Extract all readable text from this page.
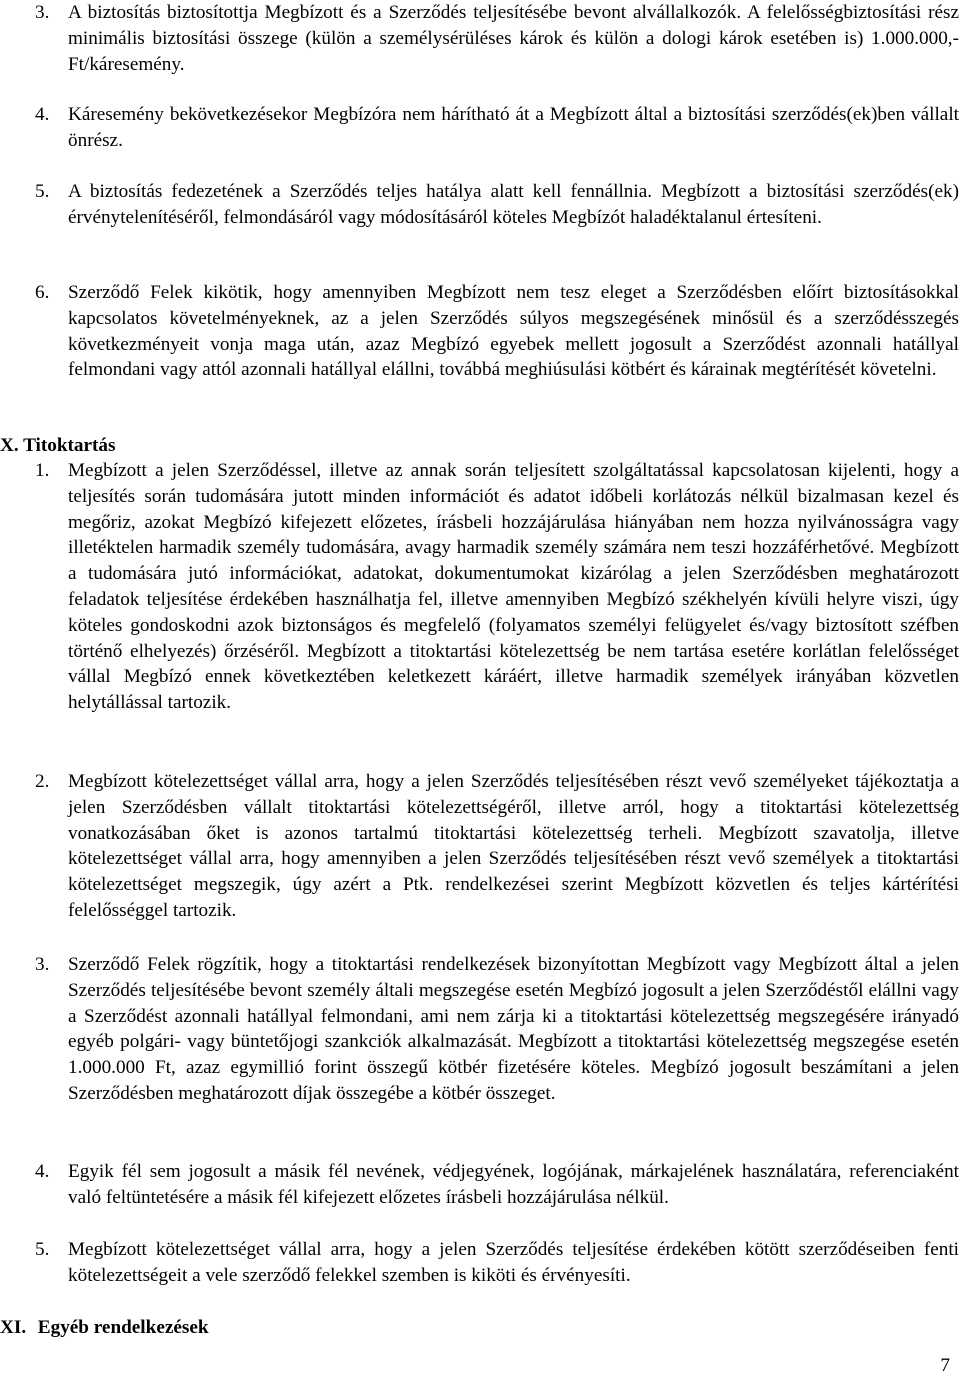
3. A biztosítás biztosítottja Megbízott és a Szerződés teljesítésébe bevont alvállalkozók. A felelősségbiztosítási rész minimális biztosítási összege (külön a személysérüléses károk és külön a dologi károk esetében is) 1.000.000,- Ft/káresemény.
4. Káresemény bekövetkezésekor Megbízóra nem hárítható át a Megbízott által a biztosítási szerződés(ek)ben vállalt önrész.
5. A biztosítás fedezetének a Szerződés teljes hatálya alatt kell fennállnia. Megbízott a biztosítási szerződés(ek) érvénytelenítéséről, felmondásáról vagy módosításáról köteles Megbízót haladéktalanul értesíteni.
6. Szerződő Felek kikötik, hogy amennyiben Megbízott nem tesz eleget a Szerződésben előírt biztosításokkal kapcsolatos követelményeknek, az a jelen Szerződés súlyos megszegésének minősül és a szerződésszegés következményeit vonja maga után, azaz Megbízó egyebek mellett jogosult a Szerződést azonnali hatállyal felmondani vagy attól azonnali hatállyal elállni, továbbá meghiúsulási kötbért és kárainak megtérítését követelni.
X. Titoktartás
1. Megbízott a jelen Szerződéssel, illetve az annak során teljesített szolgáltatással kapcsolatosan kijelenti, hogy a teljesítés során tudomására jutott minden információt és adatot időbeli korlátozás nélkül bizalmasan kezel és megőriz, azokat Megbízó kifejezett előzetes, írásbeli hozzájárulása hiányában nem hozza nyilvánosságra vagy illetéktelen harmadik személy tudomására, avagy harmadik személy számára nem teszi hozzáférhetővé. Megbízott a tudomására jutó információkat, adatokat, dokumentumokat kizárólag a jelen Szerződésben meghatározott feladatok teljesítése érdekében használhatja fel, illetve amennyiben Megbízó székhelyén kívüli helyre viszi, úgy köteles gondoskodni azok biztonságos és megfelelő (folyamatos személyi felügyelet és/vagy biztosított széfben történő elhelyezés) őrzéséről. Megbízott a titoktartási kötelezettség be nem tartása esetére korlátlan felelősséget vállal Megbízó ennek következtében keletkezett káráért, illetve harmadik személyek irányában közvetlen helytállással tartozik.
2. Megbízott kötelezettséget vállal arra, hogy a jelen Szerződés teljesítésében részt vevő személyeket tájékoztatja a jelen Szerződésben vállalt titoktartási kötelezettségéről, illetve arról, hogy a titoktartási kötelezettség vonatkozásában őket is azonos tartalmú titoktartási kötelezettség terheli. Megbízott szavatolja, illetve kötelezettséget vállal arra, hogy amennyiben a jelen Szerződés teljesítésében részt vevő személyek a titoktartási kötelezettséget megszegik, úgy azért a Ptk. rendelkezései szerint Megbízott közvetlen és teljes kártérítési felelősséggel tartozik.
3. Szerződő Felek rögzítik, hogy a titoktartási rendelkezések bizonyítottan Megbízott vagy Megbízott által a jelen Szerződés teljesítésébe bevont személy általi megszegése esetén Megbízó jogosult a jelen Szerződéstől elállni vagy a Szerződést azonnali hatállyal felmondani, ami nem zárja ki a titoktartási kötelezettség megszegésére irányadó egyéb polgári- vagy büntetőjogi szankciók alkalmazását. Megbízott a titoktartási kötelezettség megszegése esetén 1.000.000 Ft, azaz egymillió forint összegű kötbér fizetésére köteles. Megbízó jogosult beszámítani a jelen Szerződésben meghatározott díjak összegébe a kötbér összeget.
4. Egyik fél sem jogosult a másik fél nevének, védjegyének, logójának, márkajelének használatára, referenciaként való feltüntetésére a másik fél kifejezett előzetes írásbeli hozzájárulása nélkül.
5. Megbízott kötelezettséget vállal arra, hogy a jelen Szerződés teljesítése érdekében kötött szerződéseiben fenti kötelezettségeit a vele szerződő felekkel szemben is kiköti és érvényesíti.
XI. Egyéb rendelkezések
7
